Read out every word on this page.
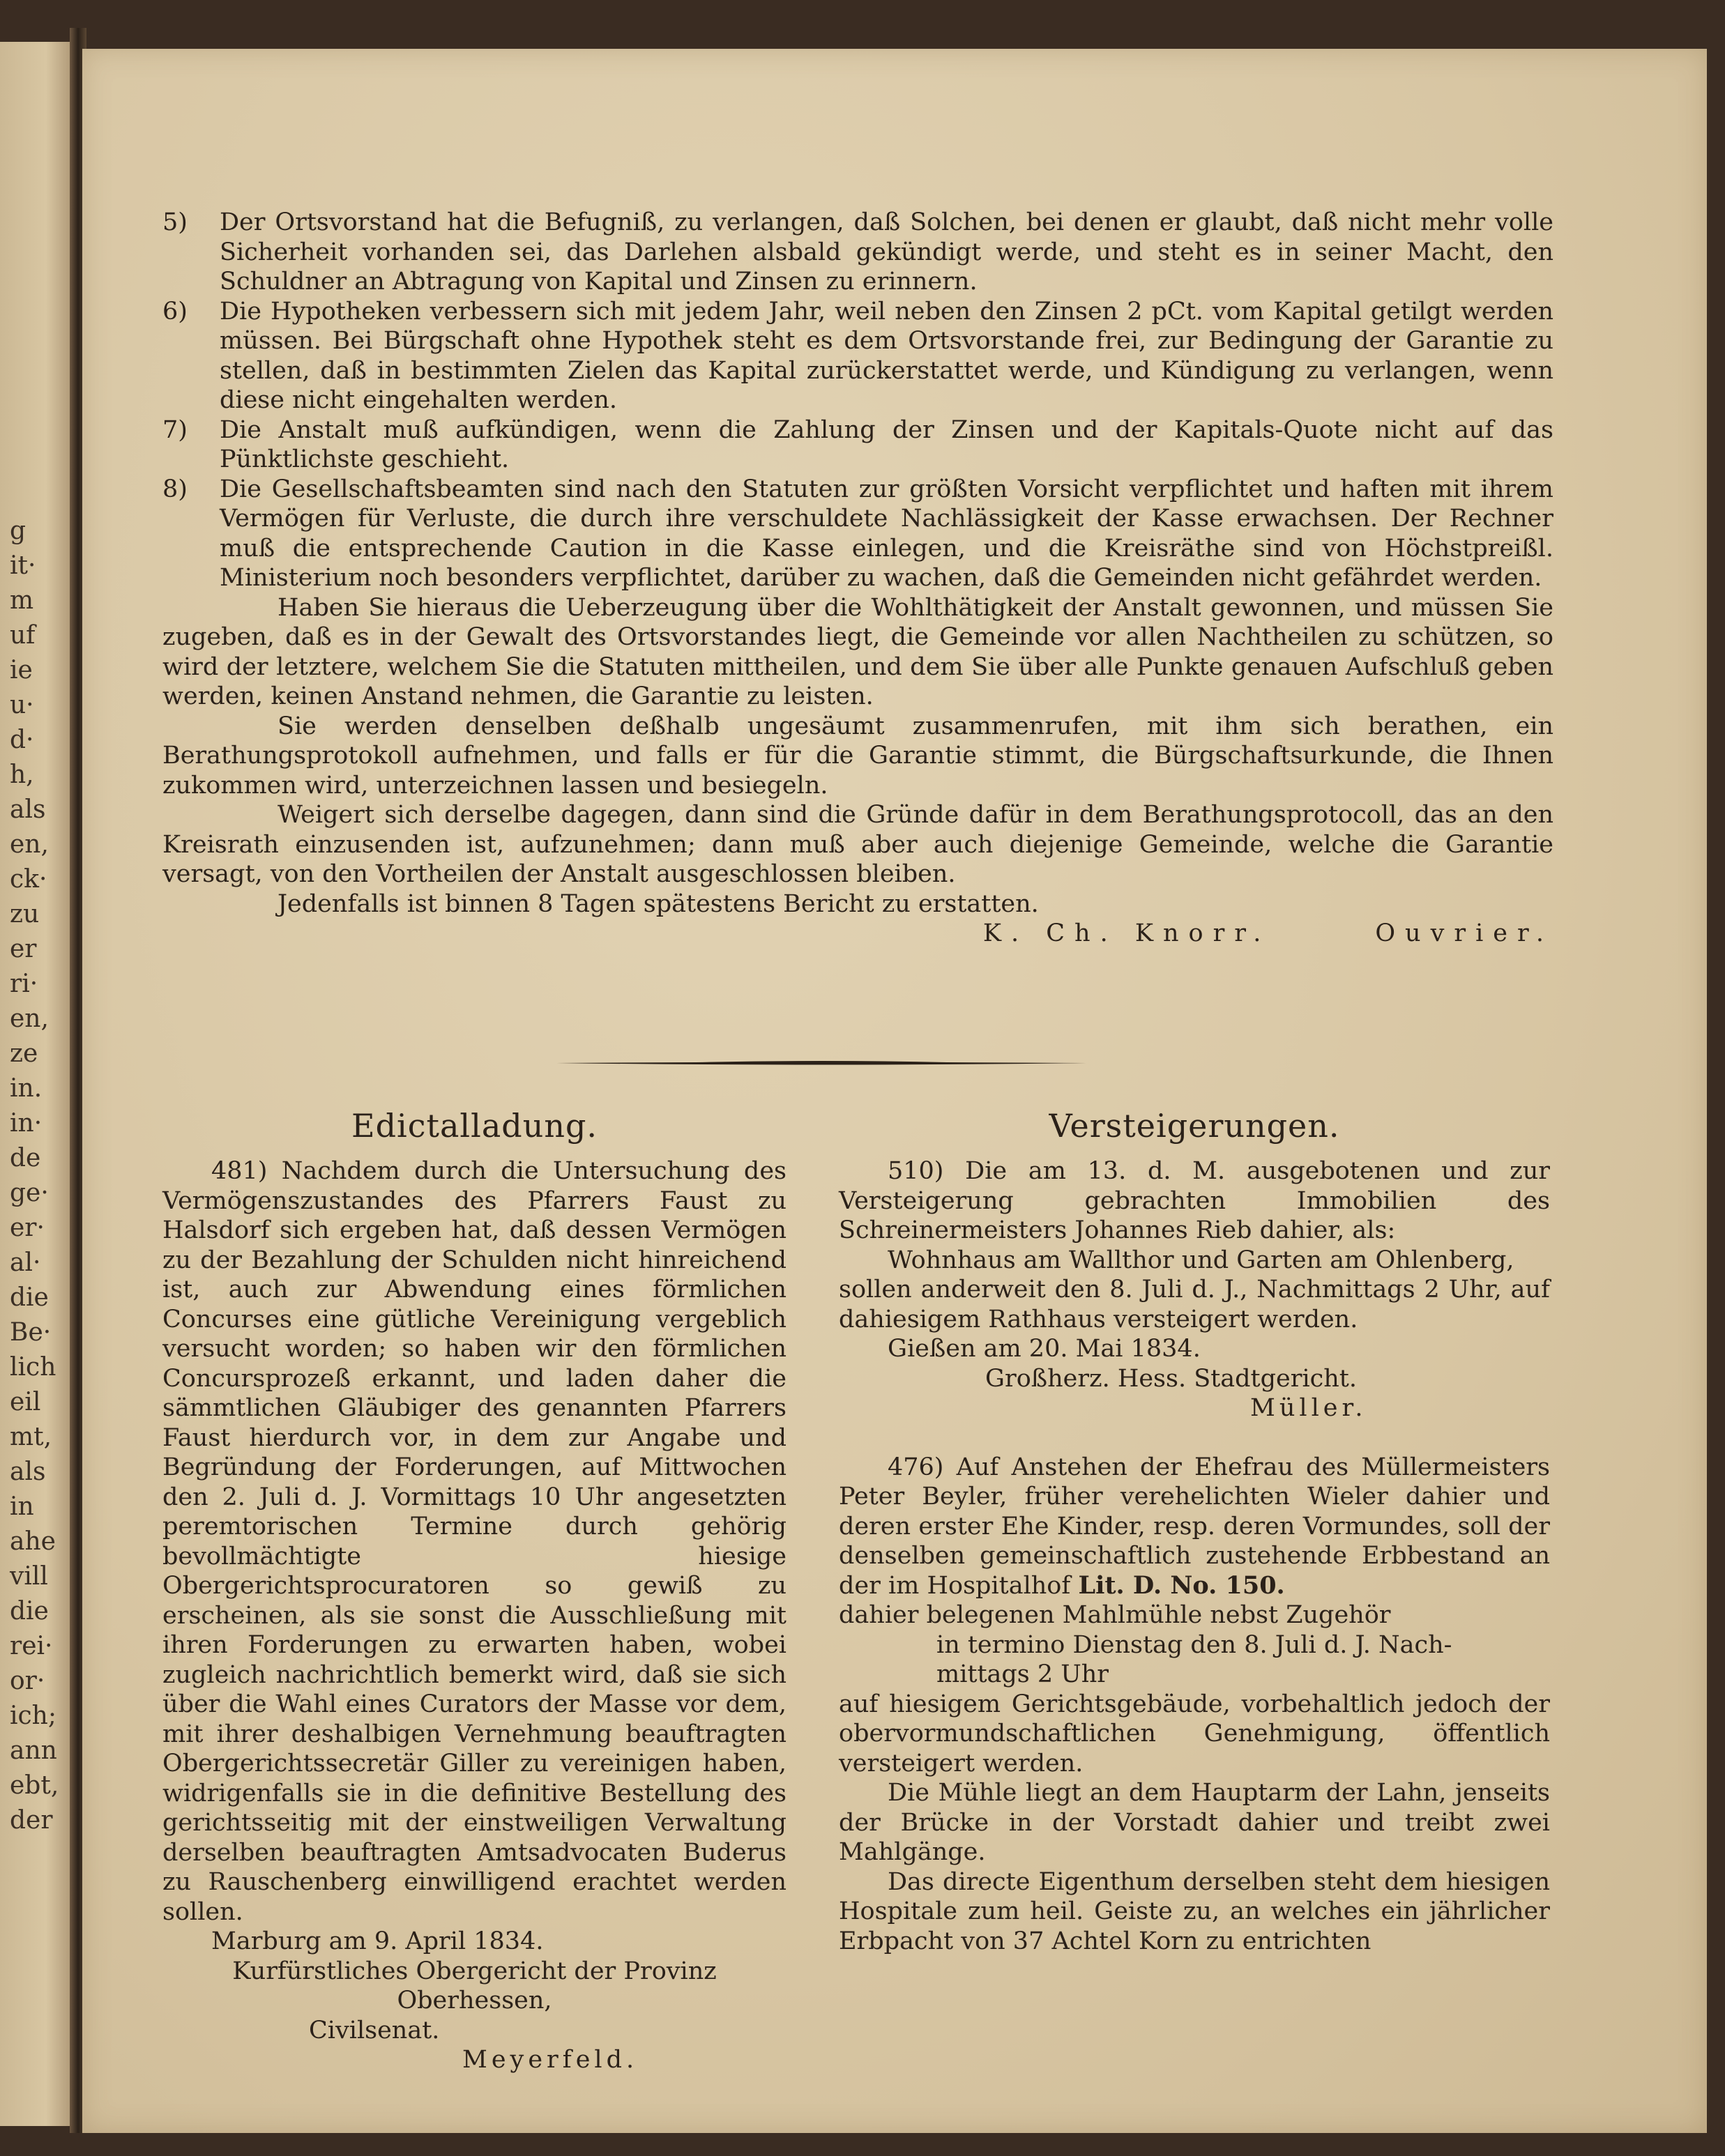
g
it·
m
uf
ie
u·
d·
h,
als
en,
ck·
zu
er
ri·
en,
ze
in.
in·
de
ge·
er·
al·
die
Be·
lich
eil
mt,
als
in
ahe
vill
die
rei·
or·
ich;
ann
ebt,
der
5)	Der Ortsvorstand hat die Befugniß, zu verlangen, daß Solchen, bei denen er glaubt, daß nicht mehr volle Sicherheit vorhanden sei, das Darlehen alsbald gekündigt werde, und steht es in seiner Macht, den Schuldner an Abtragung von Kapital und Zinsen zu erinnern.
6)	Die Hypotheken verbessern sich mit jedem Jahr, weil neben den Zinsen 2 pCt. vom Kapital getilgt werden müssen. Bei Bürgschaft ohne Hypothek steht es dem Ortsvorstande frei, zur Bedingung der Garantie zu stellen, daß in bestimmten Zielen das Kapital zurückerstattet werde, und Kündigung zu verlangen, wenn diese nicht eingehalten werden.
7)	Die Anstalt muß aufkündigen, wenn die Zahlung der Zinsen und der Kapitals-Quote nicht auf das Pünktlichste geschieht.
8)	Die Gesellschaftsbeamten sind nach den Statuten zur größten Vorsicht verpflichtet und haften mit ihrem Vermögen für Verluste, die durch ihre verschuldete Nachlässigkeit der Kasse erwachsen. Der Rechner muß die entsprechende Caution in die Kasse einlegen, und die Kreisräthe sind von Höchstpreißl. Ministerium noch besonders verpflichtet, darüber zu wachen, daß die Gemeinden nicht gefährdet werden.
Haben Sie hieraus die Ueberzeugung über die Wohlthätigkeit der Anstalt gewonnen, und müssen Sie zugeben, daß es in der Gewalt des Ortsvorstandes liegt, die Gemeinde vor allen Nachtheilen zu schützen, so wird der letztere, welchem Sie die Statuten mittheilen, und dem Sie über alle Punkte genauen Aufschluß geben werden, keinen Anstand nehmen, die Garantie zu leisten.
Sie werden denselben deßhalb ungesäumt zusammenrufen, mit ihm sich berathen, ein Berathungsprotokoll aufnehmen, und falls er für die Garantie stimmt, die Bürgschaftsurkunde, die Ihnen zukommen wird, unterzeichnen lassen und besiegeln.
Weigert sich derselbe dagegen, dann sind die Gründe dafür in dem Berathungsprotocoll, das an den Kreisrath einzusenden ist, aufzunehmen; dann muß aber auch diejenige Gemeinde, welche die Garantie versagt, von den Vortheilen der Anstalt ausgeschlossen bleiben.
Jedenfalls ist binnen 8 Tagen spätestens Bericht zu erstatten.
K. Ch. Knorr.	Ouvrier.
Edictalladung.
481) Nachdem durch die Untersuchung des Vermögenszustandes des Pfarrers Faust zu Halsdorf sich ergeben hat, daß dessen Vermögen zu der Bezahlung der Schulden nicht hinreichend ist, auch zur Abwendung eines förmlichen Concurses eine gütliche Vereinigung vergeblich versucht worden; so haben wir den förmlichen Concursprozeß erkannt, und laden daher die sämmtlichen Gläubiger des genannten Pfarrers Faust hierdurch vor, in dem zur Angabe und Begründung der Forderungen, auf Mittwochen den 2. Juli d. J. Vormittags 10 Uhr angesetzten peremtorischen Termine durch gehörig bevollmächtigte hiesige Obergerichtsprocuratoren so gewiß zu erscheinen, als sie sonst die Ausschließung mit ihren Forderungen zu erwarten haben, wobei zugleich nachrichtlich bemerkt wird, daß sie sich über die Wahl eines Curators der Masse vor dem, mit ihrer deshalbigen Vernehmung beauftragten Obergerichtssecretär Giller zu vereinigen haben, widrigenfalls sie in die definitive Bestellung des gerichtsseitig mit der einstweiligen Verwaltung derselben beauftragten Amtsadvocaten Buderus zu Rauschenberg einwilligend erachtet werden sollen.
Marburg am 9. April 1834.
Kurfürstliches Obergericht der Provinz Oberhessen,
Civilsenat.
Meyerfeld.
Versteigerungen.
510) Die am 13. d. M. ausgebotenen und zur Versteigerung gebrachten Immobilien des Schreinermeisters Johannes Rieb dahier, als:
Wohnhaus am Wallthor und Garten am Ohlenberg,
sollen anderweit den 8. Juli d. J., Nachmittags 2 Uhr, auf dahiesigem Rathhaus versteigert werden.
Gießen am 20. Mai 1834.
Großherz. Hess. Stadtgericht.
Müller.
476) Auf Anstehen der Ehefrau des Müllermeisters Peter Beyler, früher verehelichten Wieler dahier und deren erster Ehe Kinder, resp. deren Vormundes, soll der denselben gemeinschaftlich zustehende Erbbestand an der im Hospitalhof Lit. D. No. 150.
dahier belegenen Mahlmühle nebst Zugehör
in termino Dienstag den 8. Juli d. J. Nach-
mittags 2 Uhr
auf hiesigem Gerichtsgebäude, vorbehaltlich jedoch der obervormundschaftlichen Genehmigung, öffentlich versteigert werden.
Die Mühle liegt an dem Hauptarm der Lahn, jenseits der Brücke in der Vorstadt dahier und treibt zwei Mahlgänge.
Das directe Eigenthum derselben steht dem hiesigen Hospitale zum heil. Geiste zu, an welches ein jährlicher Erbpacht von 37 Achtel Korn zu entrichten
